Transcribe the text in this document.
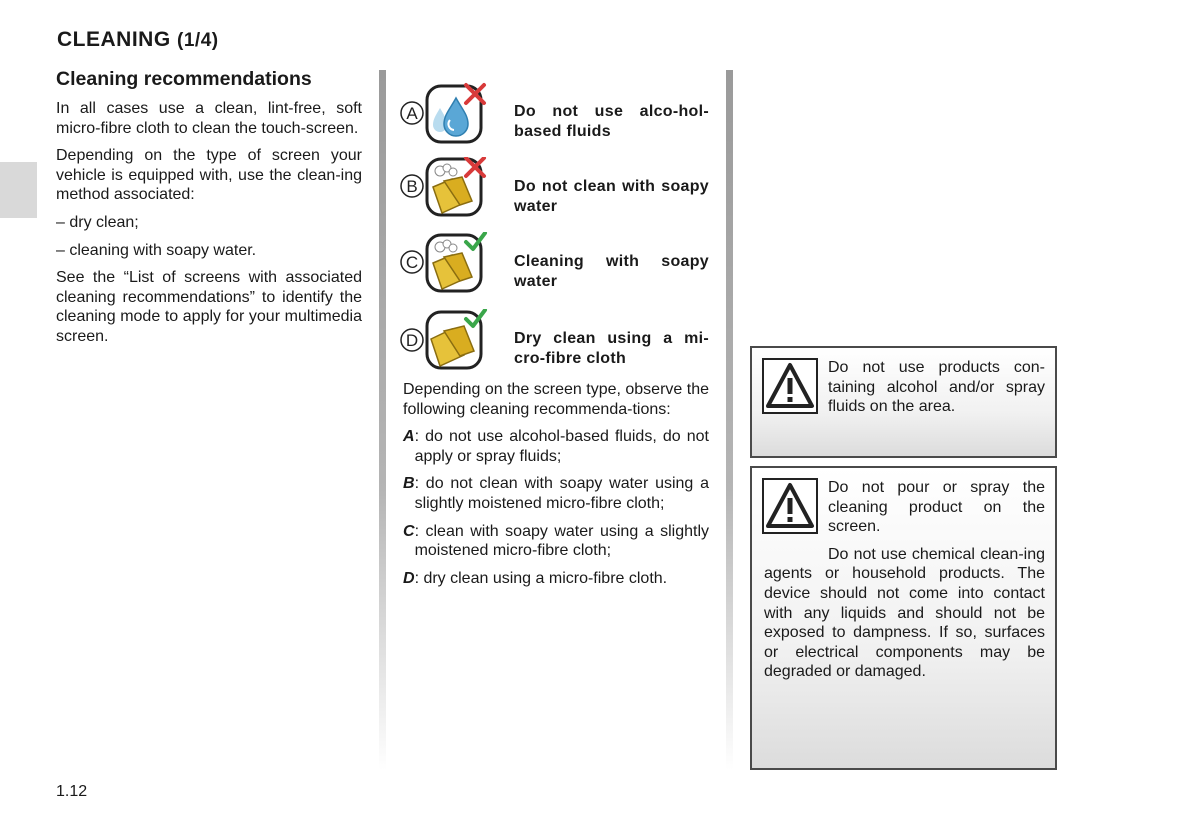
CLEANING (1/4)
Cleaning recommendations

In all cases use a clean, lint-free, soft micro-fibre cloth to clean the touch-screen.

Depending on the type of screen your vehicle is equipped with, use the clean-ing method associated:

– dry clean;

– cleaning with soapy water.

See the “List of screens with associated cleaning recommendations” to identify the cleaning mode to apply for your multimedia screen.

A	Do not use alco-hol-based fluids
B	Do not clean with soapy water
C	Cleaning with soapy water
D	Dry clean using a mi-cro-fibre cloth

Depending on the screen type, observe the following cleaning recommenda-tions:

A : do not use alcohol-based fluids, do not apply or spray fluids;
B : do not clean with soapy water using a slightly moistened micro-fibre cloth;
C : clean with soapy water using a slightly moistened micro-fibre cloth;
D : dry clean using a micro-fibre cloth.
Do not use products con-taining alcohol and/or spray fluids on the area.
Do not pour or spray the cleaning product on the screen.
Do not use chemical clean-ing agents or household products. The device should not come into contact with any liquids and should not be exposed to dampness. If so, surfaces or electrical components may be degraded or damaged.
1.12
